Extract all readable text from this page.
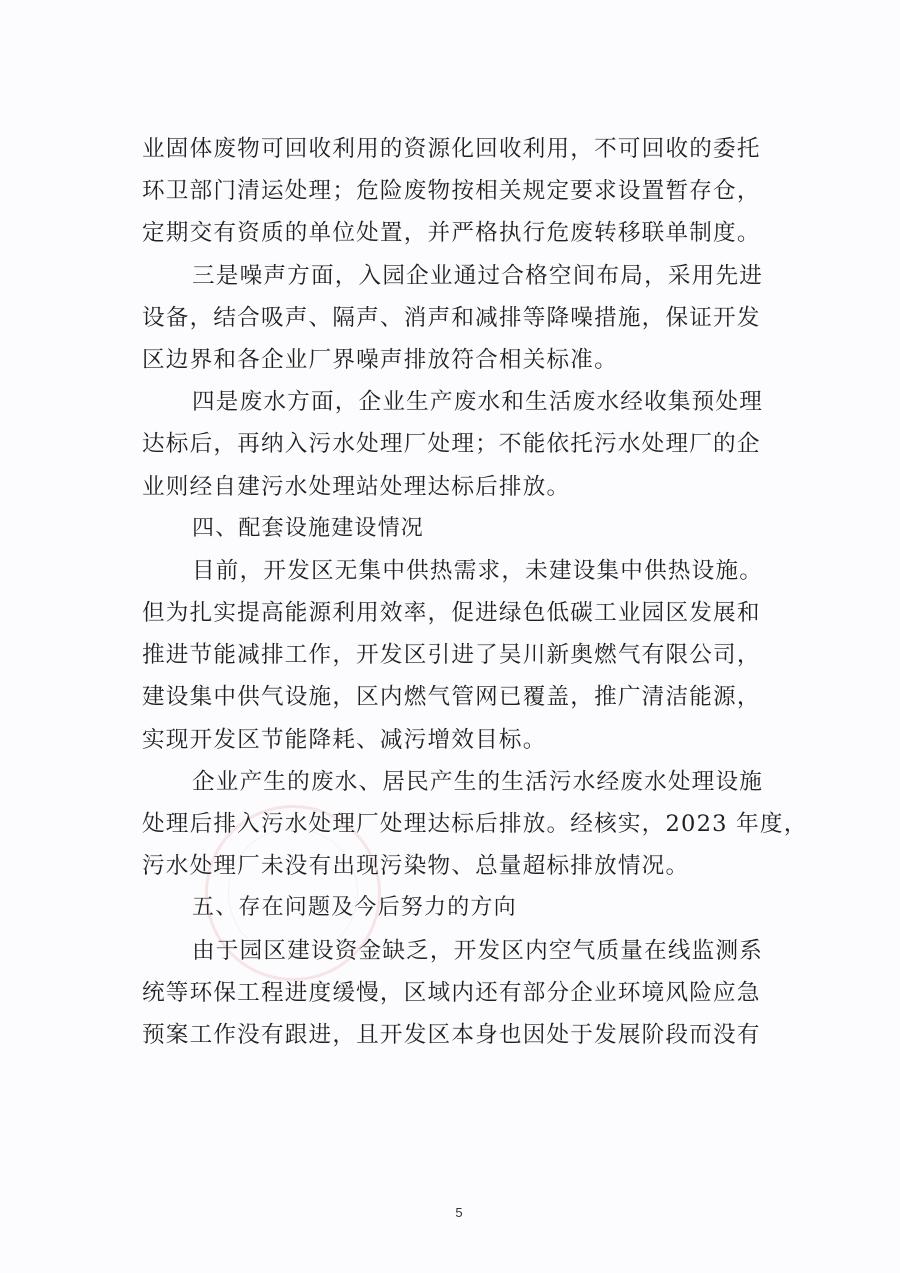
业固体废物可回收利用的资源化回收利用，不可回收的委托
环卫部门清运处理；危险废物按相关规定要求设置暂存仓，
定期交有资质的单位处置，并严格执行危废转移联单制度。
三是噪声方面，入园企业通过合格空间布局，采用先进
设备，结合吸声、隔声、消声和减排等降噪措施，保证开发
区边界和各企业厂界噪声排放符合相关标准。
四是废水方面，企业生产废水和生活废水经收集预处理
达标后，再纳入污水处理厂处理；不能依托污水处理厂的企
业则经自建污水处理站处理达标后排放。
四、配套设施建设情况
目前，开发区无集中供热需求，未建设集中供热设施。
但为扎实提高能源利用效率，促进绿色低碳工业园区发展和
推进节能减排工作，开发区引进了吴川新奥燃气有限公司，
建设集中供气设施，区内燃气管网已覆盖，推广清洁能源，
实现开发区节能降耗、减污增效目标。
企业产生的废水、居民产生的生活污水经废水处理设施
处理后排入污水处理厂处理达标后排放。经核实，2023 年度，
污水处理厂未没有出现污染物、总量超标排放情况。
五、存在问题及今后努力的方向
由于园区建设资金缺乏，开发区内空气质量在线监测系
统等环保工程进度缓慢，区域内还有部分企业环境风险应急
预案工作没有跟进，且开发区本身也因处于发展阶段而没有
5
